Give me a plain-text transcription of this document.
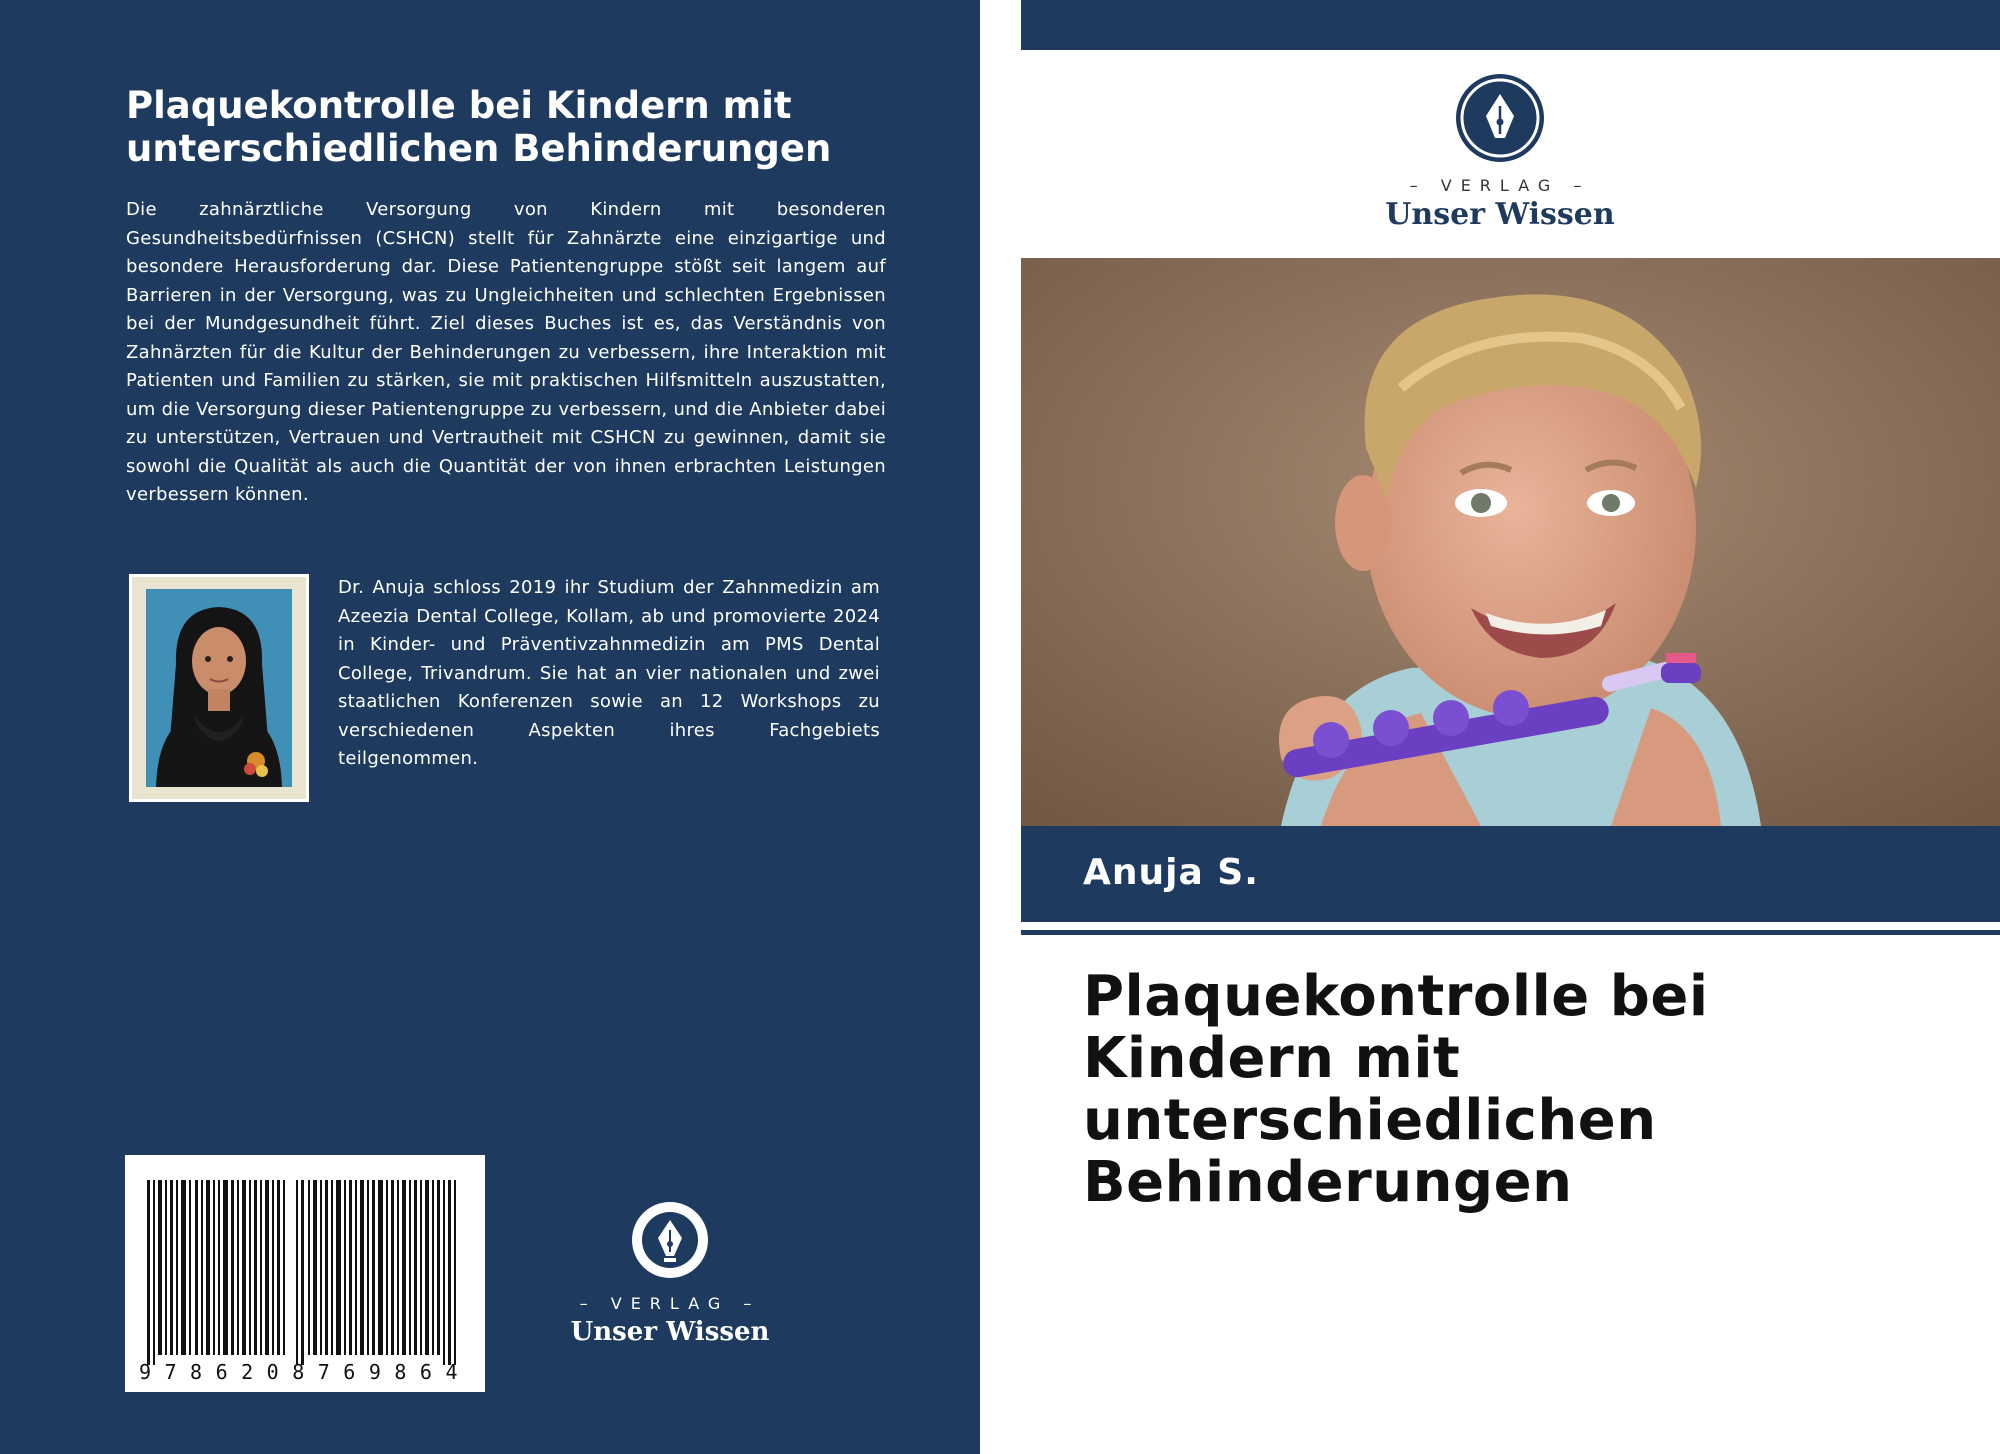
Plaquekontrolle bei Kindern mit unterschiedlichen Behinderungen

Die zahnärztliche Versorgung von Kindern mit besonderen Gesundheitsbedürfnissen (CSHCN) stellt für Zahnärzte eine einzigartige und besondere Herausforderung dar. Diese Patientengruppe stößt seit langem auf Barrieren in der Versorgung, was zu Ungleichheiten und schlechten Ergebnissen bei der Mundgesundheit führt. Ziel dieses Buches ist es, das Verständnis von Zahnärzten für die Kultur der Behinderungen zu verbessern, ihre Interaktion mit Patienten und Familien zu stärken, sie mit praktischen Hilfsmitteln auszustatten, um die Versorgung dieser Patientengruppe zu verbessern, und die Anbieter dabei zu unterstützen, Vertrauen und Vertrautheit mit CSHCN zu gewinnen, damit sie sowohl die Qualität als auch die Quantität der von ihnen erbrachten Leistungen verbessern können.

Dr. Anuja schloss 2019 ihr Studium der Zahnmedizin am Azeezia Dental College, Kollam, ab und promovierte 2024 in Kinder- und Präventivzahnmedizin am PMS Dental College, Trivandrum. Sie hat an vier nationalen und zwei staatlichen Konferenzen sowie an 12 Workshops zu verschiedenen Aspekten ihres Fachgebiets teilgenommen.

9786208769864
– VERLAG –
Unser Wissen
– VERLAG –
Unser Wissen

Anuja S.

Plaquekontrolle bei Kindern mit unterschiedlichen Behinderungen
